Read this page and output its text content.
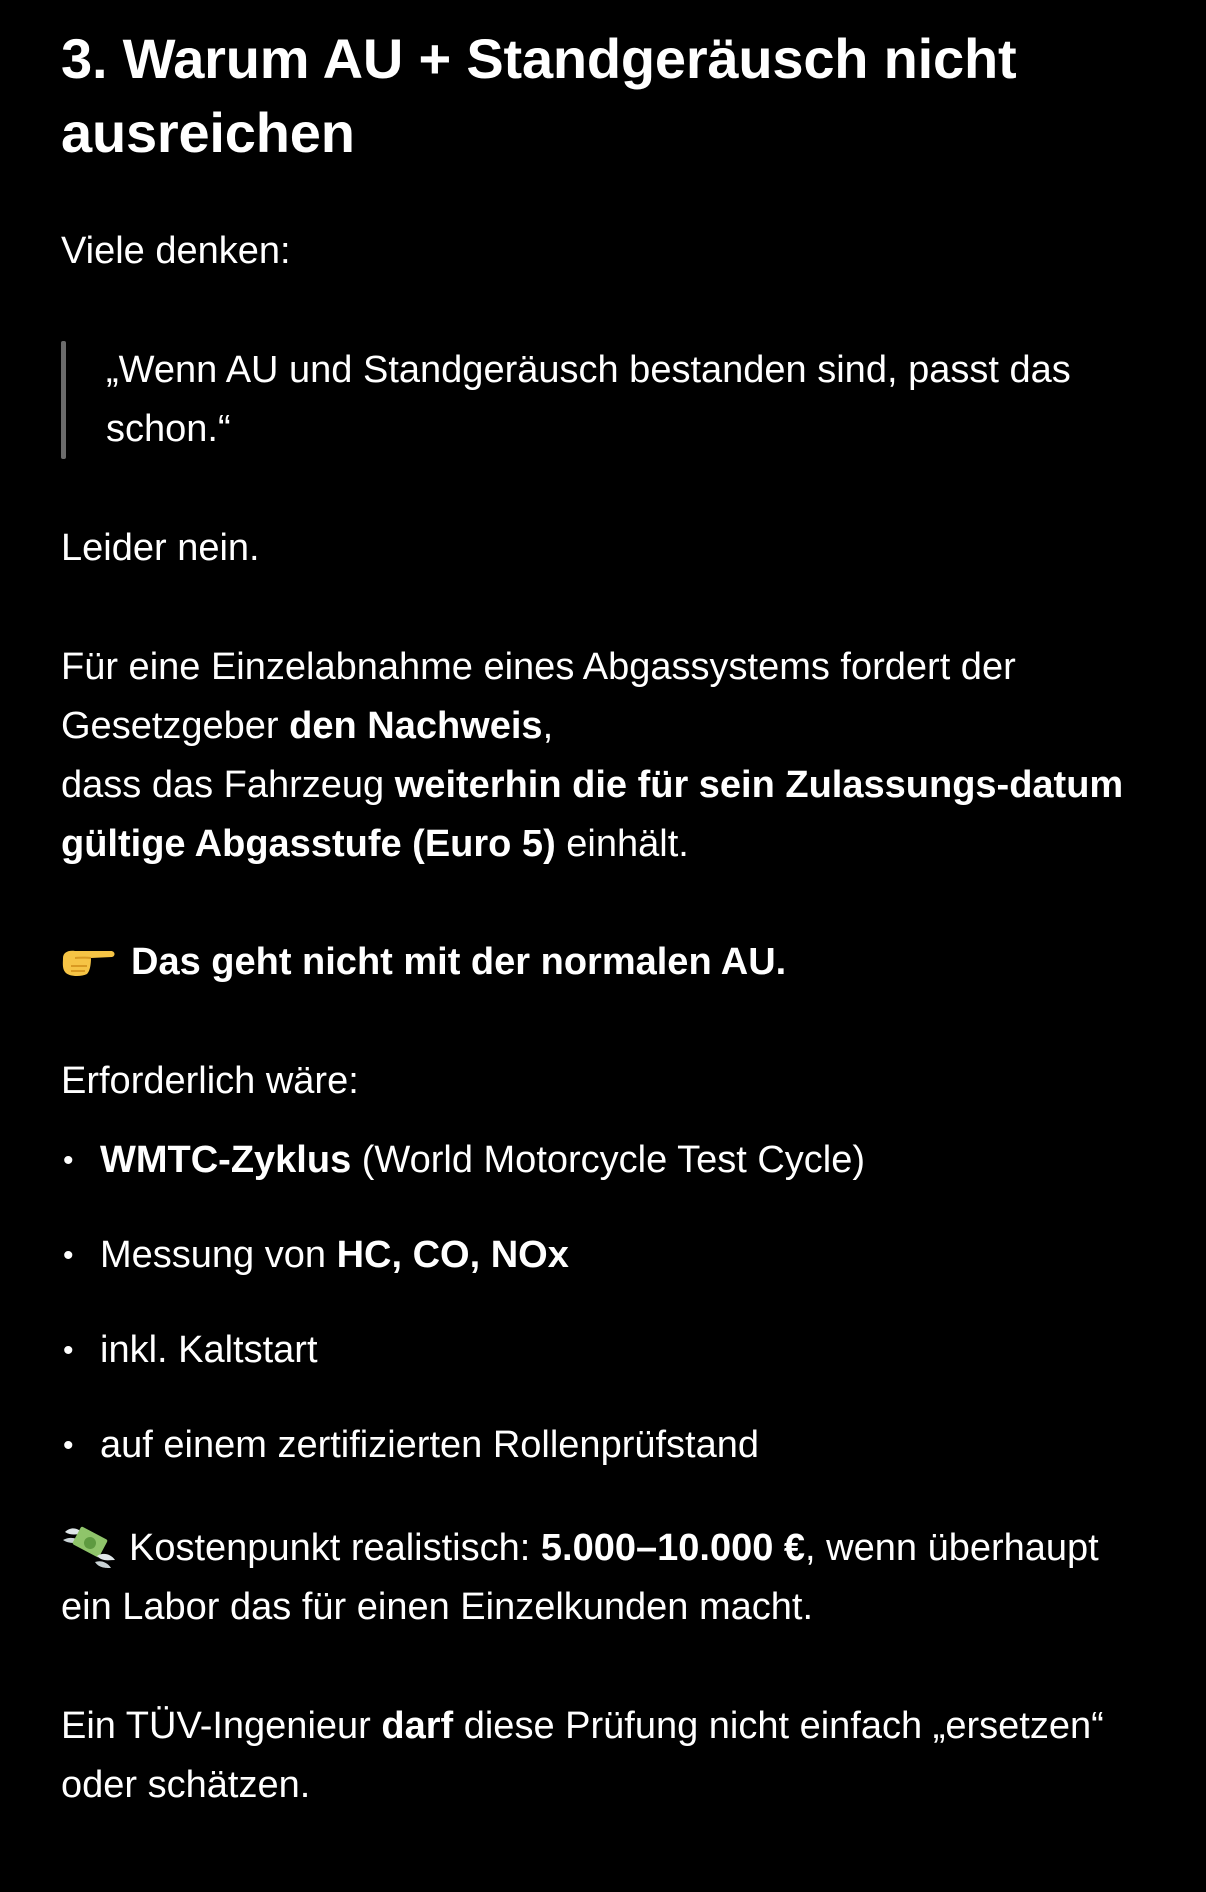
3. Warum AU + Standgeräusch nicht ausreichen

Viele denken:

„Wenn AU und Standgeräusch bestanden sind, passt das schon.“

Leider nein.

Für eine Einzelabnahme eines Abgassystems fordert der Gesetzgeber den Nachweis,
dass das Fahrzeug weiterhin die für sein Zulassungs-datum gültige Abgasstufe (Euro 5) einhält.

Das geht nicht mit der normalen AU.

Erforderlich wäre:

• WMTC-Zyklus (World Motorcycle Test Cycle)
• Messung von HC, CO, NOx
• inkl. Kaltstart
• auf einem zertifizierten Rollenprüfstand

Kostenpunkt realistisch: 5.000–10.000 €, wenn überhaupt ein Labor das für einen Einzelkunden macht.

Ein TÜV-Ingenieur darf diese Prüfung nicht einfach „ersetzen“ oder schätzen.
